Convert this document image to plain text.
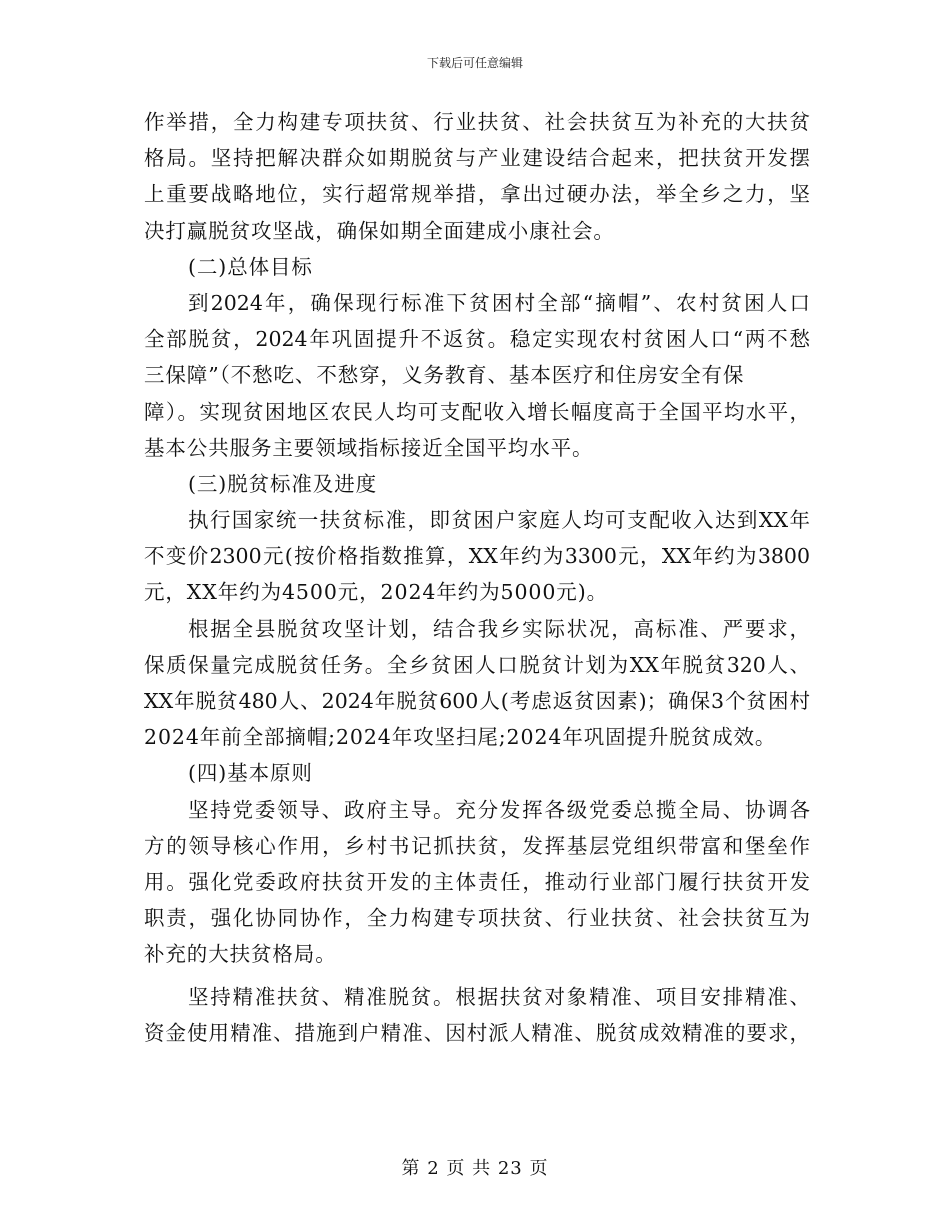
下载后可任意编辑
作举措，全力构建专项扶贫、行业扶贫、社会扶贫互为补充的大扶贫
格局。坚持把解决群众如期脱贫与产业建设结合起来，把扶贫开发摆
上重要战略地位，实行超常规举措，拿出过硬办法，举全乡之力，坚
决打赢脱贫攻坚战，确保如期全面建成小康社会。
(二)总体目标
到2024年，确保现行标准下贫困村全部“摘帽”、农村贫困人口
全部脱贫，2024年巩固提升不返贫。稳定实现农村贫困人口“两不愁
三保障”（不愁吃、不愁穿，义务教育、基本医疗和住房安全有保
障）。实现贫困地区农民人均可支配收入增长幅度高于全国平均水平，
基本公共服务主要领域指标接近全国平均水平。
(三)脱贫标准及进度
执行国家统一扶贫标准，即贫困户家庭人均可支配收入达到XX年
不变价2300元(按价格指数推算，XX年约为3300元，XX年约为3800
元，XX年约为4500元，2024年约为5000元)。
根据全县脱贫攻坚计划，结合我乡实际状况，高标准、严要求，
保质保量完成脱贫任务。全乡贫困人口脱贫计划为XX年脱贫320人、
XX年脱贫480人、2024年脱贫600人(考虑返贫因素)；确保3个贫困村
2024年前全部摘帽;2024年攻坚扫尾;2024年巩固提升脱贫成效。
(四)基本原则
坚持党委领导、政府主导。充分发挥各级党委总揽全局、协调各
方的领导核心作用，乡村书记抓扶贫，发挥基层党组织带富和堡垒作
用。强化党委政府扶贫开发的主体责任，推动行业部门履行扶贫开发
职责，强化协同协作，全力构建专项扶贫、行业扶贫、社会扶贫互为
补充的大扶贫格局。
坚持精准扶贫、精准脱贫。根据扶贫对象精准、项目安排精准、
资金使用精准、措施到户精准、因村派人精准、脱贫成效精准的要求，
第 2 页 共 23 页
